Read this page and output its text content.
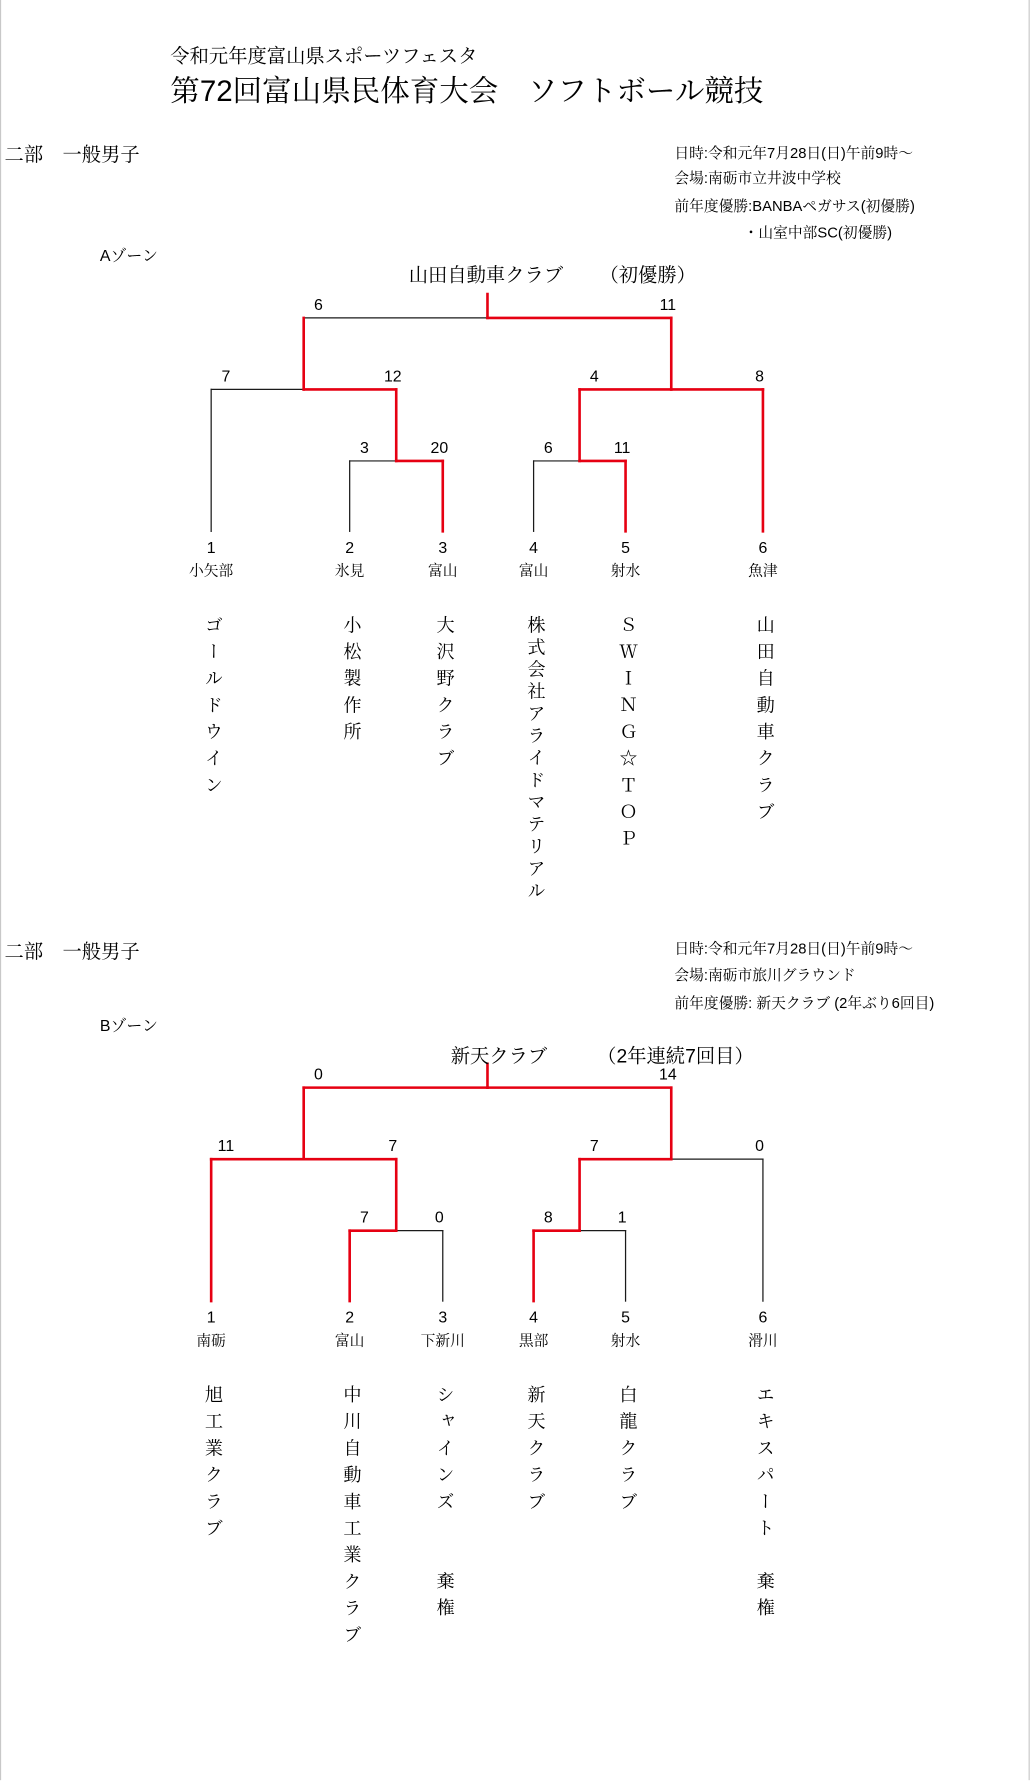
令和元年度富山県スポーツフェスタ
第72回富山県民体育大会　ソフトボール競技
二部　一般男子	日時:令和元年7月28日(日)午前9時～
会場:南砺市立井波中学校
前年度優勝:BANBAペガサス(初優勝)
・山室中部SC(初優勝)
Aゾーン
山田自動車クラブ （初優勝）
3	20	6	11
7	12	4	8
6	11
1
小矢部
ゴールドウイン
2
氷見
小松製作所
3
富山
大沢野クラブ
4
富山
株式会社アライドマテリアル
5
射水
ＳＷＩＮＧ☆ＴＯＰ
6
魚津
山田自動車クラブ
二部　一般男子	日時:令和元年7月28日(日)午前9時～
会場:南砺市旅川グラウンド
前年度優勝: 新天クラブ (2年ぶり6回目)
Bゾーン
新天クラブ	（2年連続7回目）
7	0	8	1
11	7	7	0
0	14
1
南砺
旭工業クラブ
2
富山
中川自動車工業クラブ
3
下新川
シャインズ
棄権
4
黒部
新天クラブ
5
射水
白龍クラブ
6
滑川
エキスパート
棄権
